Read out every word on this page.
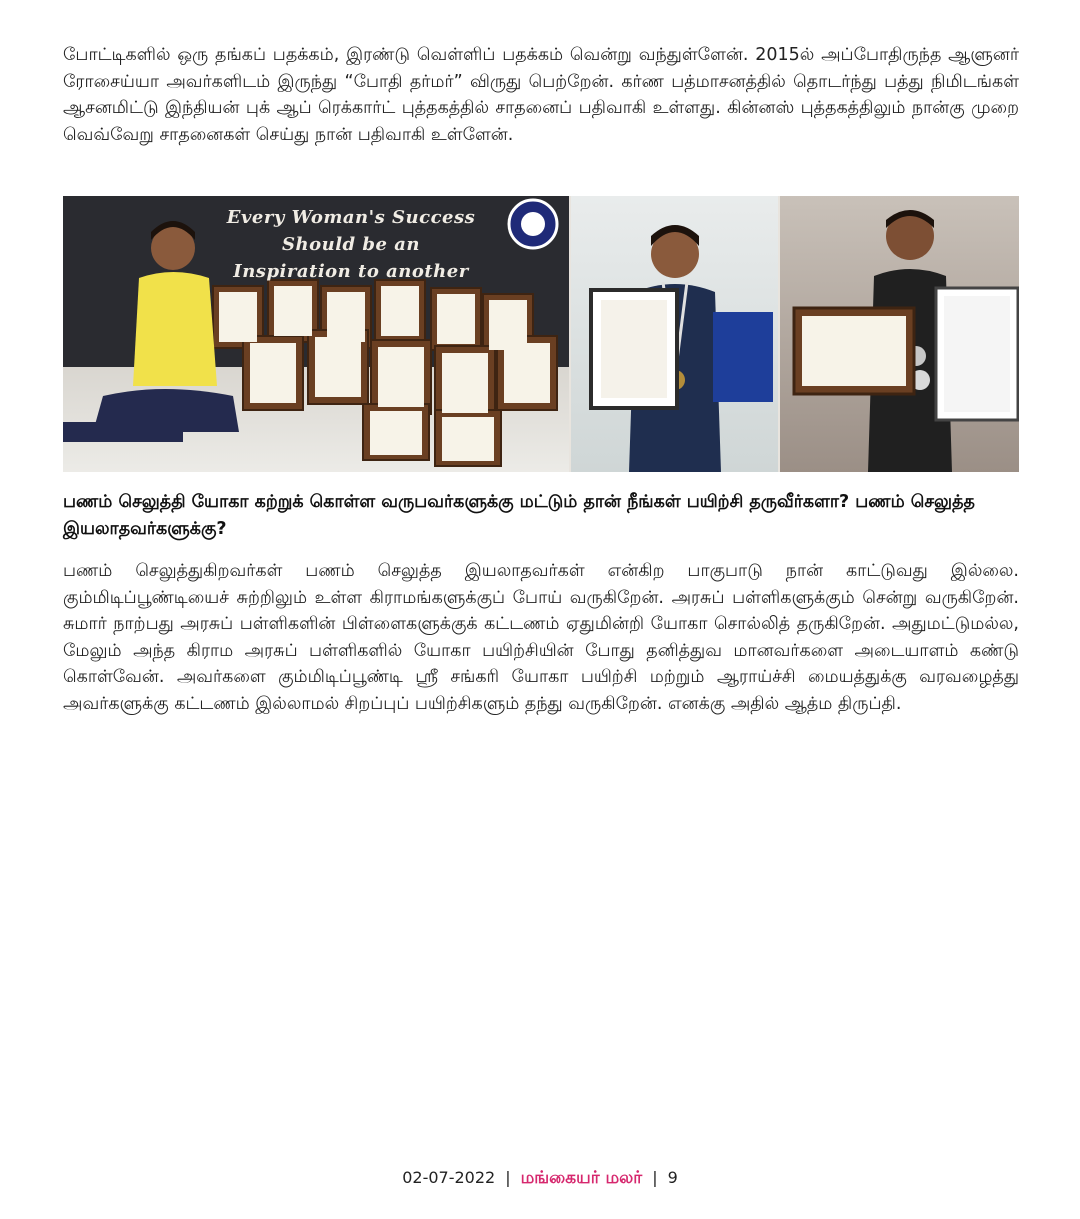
போட்டிகளில் ஒரு தங்கப் பதக்கம், இரண்டு வெள்ளிப் பதக்கம் வென்று வந்துள்ளேன். 2015ல் அப்போதிருந்த ஆளுனர் ரோசைய்யா அவர்களிடம் இருந்து “போதி தர்மர்” விருது பெற்றேன். கர்ண பத்மாசனத்தில் தொடர்ந்து பத்து நிமிடங்கள் ஆசனமிட்டு இந்தியன் புக் ஆப் ரெக்கார்ட் புத்தகத்தில் சாதனைப் பதிவாகி உள்ளது. கின்னஸ் புத்தகத்திலும் நான்கு முறை வெவ்வேறு சாதனைகள் செய்து நான் பதிவாகி உள்ளேன்.

Every Woman's Success Should be an
Inspiration to another

பணம் செலுத்தி யோகா கற்றுக் கொள்ள வருபவர்களுக்கு மட்டும் தான் நீங்கள் பயிற்சி தருவீர்களா? பணம் செலுத்த இயலாதவர்களுக்கு?

பணம் செலுத்துகிறவர்கள் பணம் செலுத்த இயலாதவர்கள் என்கிற பாகுபாடு நான் காட்டுவது இல்லை. கும்மிடிப்பூண்டியைச் சுற்றிலும் உள்ள கிராமங்களுக்குப் போய் வருகிறேன். அரசுப் பள்ளிகளுக்கும் சென்று வருகிறேன். சுமார் நாற்பது அரசுப் பள்ளிகளின் பிள்ளைகளுக்குக் கட்டணம் ஏதுமின்றி யோகா சொல்லித் தருகிறேன். அதுமட்டுமல்ல, மேலும் அந்த கிராம அரசுப் பள்ளிகளில் யோகா பயிற்சியின் போது தனித்துவ மானவர்களை அடையாளம் கண்டு கொள்வேன். அவர்களை கும்மிடிப்பூண்டி ஸ்ரீ சங்கரி யோகா பயிற்சி மற்றும் ஆராய்ச்சி மையத்துக்கு வரவழைத்து அவர்களுக்கு கட்டணம் இல்லாமல் சிறப்புப் பயிற்சிகளும் தந்து வருகிறேன். எனக்கு அதில் ஆத்ம திருப்தி.

02-07-2022 | மங்கையர் மலர் | 9
